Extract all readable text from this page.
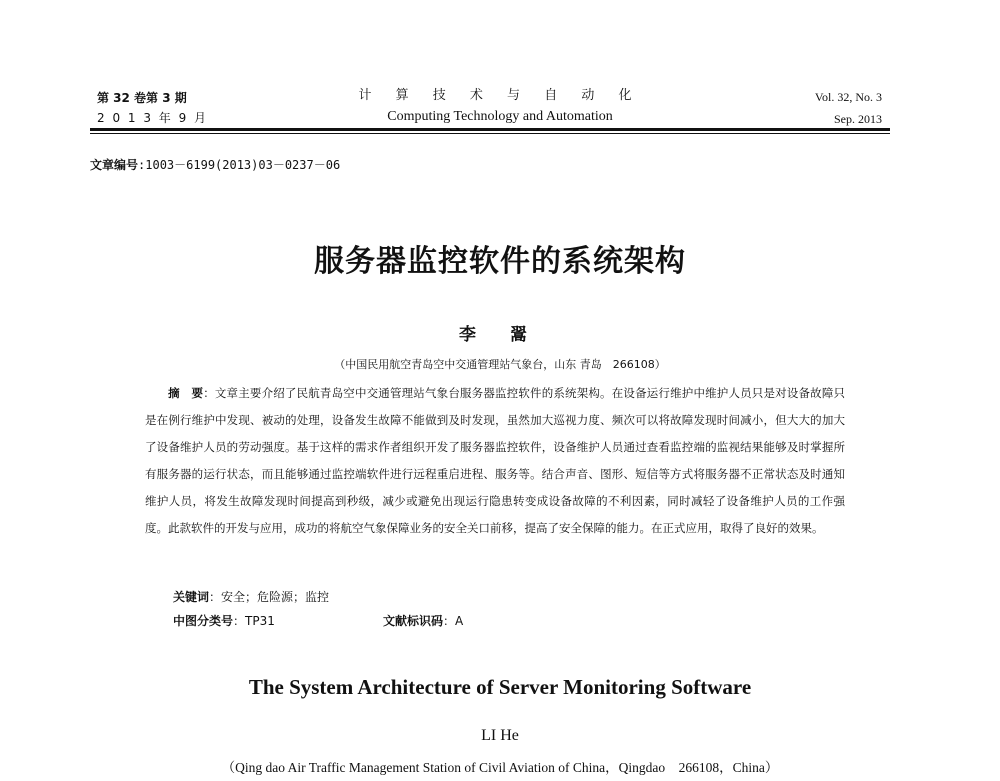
第 32 卷第 3 期
2 0 1 3 年 9 月
计 算 技 术 与 自 动 化
Computing Technology and Automation
Vol. 32, No. 3
Sep. 2013
文章编号:1003－6199(2013)03－0237－06
服务器监控软件的系统架构
李 翯
（中国民用航空青岛空中交通管理站气象台，山东 青岛　266108）
  摘　要：文章主要介绍了民航青岛空中交通管理站气象台服务器监控软件的系统架构。在设备运行维护中维护人员只是对设备故障只是在例行维护中发现、被动的处理，设备发生故障不能做到及时发现，虽然加大巡视力度、频次可以将故障发现时间减小，但大大的加大了设备维护人员的劳动强度。基于这样的需求作者组织开发了服务器监控软件，设备维护人员通过查看监控端的监视结果能够及时掌握所有服务器的运行状态，而且能够通过监控端软件进行远程重启进程、服务等。结合声音、图形、短信等方式将服务器不正常状态及时通知维护人员，将发生故障发现时间提高到秒级，减少或避免出现运行隐患转变成设备故障的不利因素，同时减轻了设备维护人员的工作强度。此款软件的开发与应用，成功的将航空气象保障业务的安全关口前移，提高了安全保障的能力。在正式应用，取得了良好的效果。
关键词：安全；危险源；监控
中图分类号：TP31	文献标识码：A
The System Architecture of Server Monitoring Software
LI He
（Qing dao Air Traffic Management Station of Civil Aviation of China，Qingdao　266108，China）
